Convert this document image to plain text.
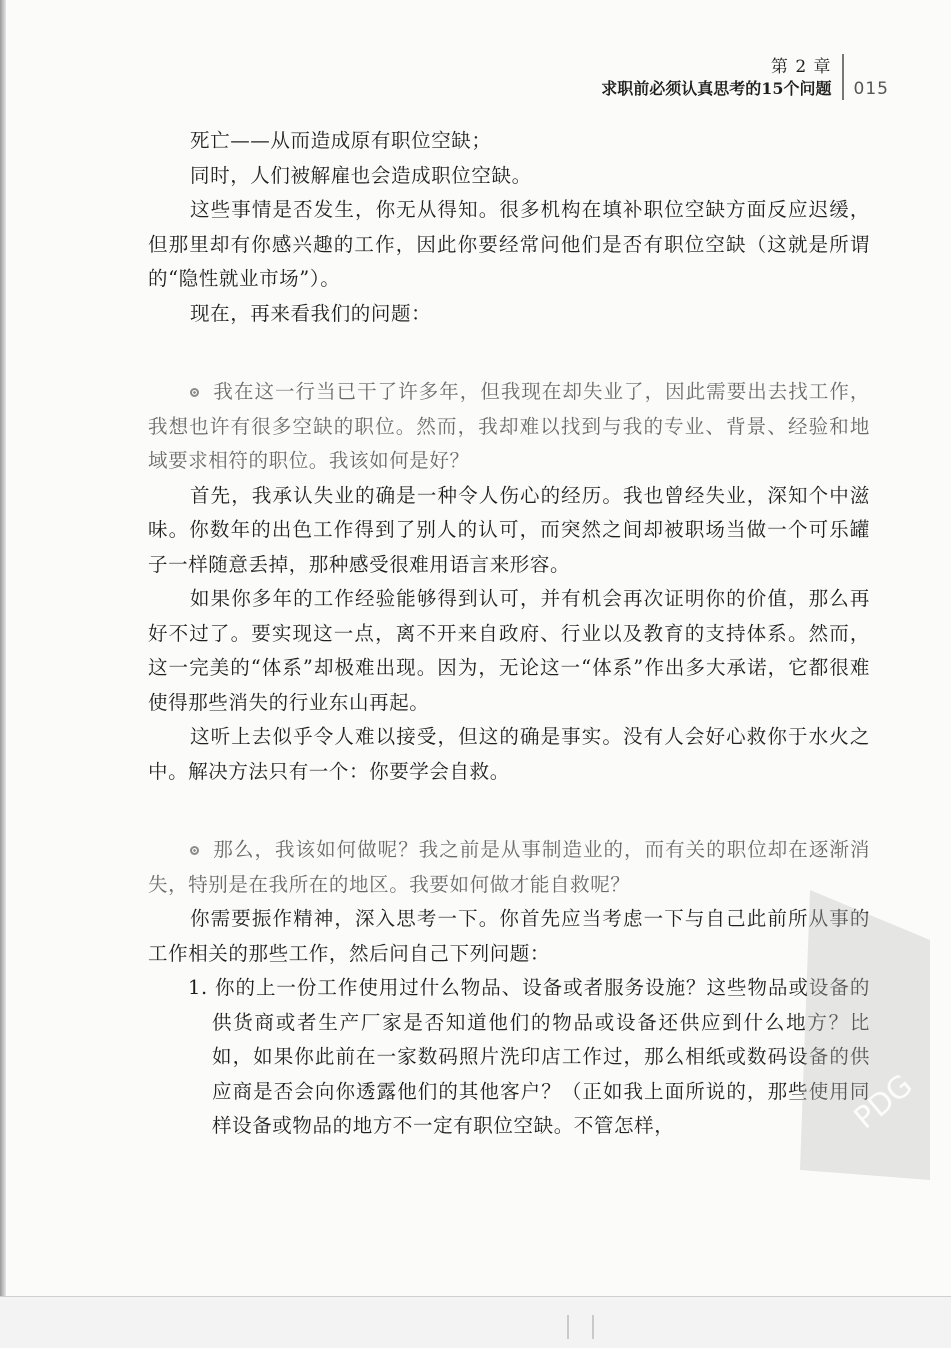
第 2 章
求职前必须认真思考的15个问题 015

死亡——从而造成原有职位空缺；

同时，人们被解雇也会造成职位空缺。

这些事情是否发生，你无从得知。很多机构在填补职位空缺方面反应迟缓，但那里却有你感兴趣的工作，因此你要经常问他们是否有职位空缺（这就是所谓的“隐性就业市场”）。

现在，再来看我们的问题：

我在这一行当已干了许多年，但我现在却失业了，因此需要出去找工作，我想也许有很多空缺的职位。然而，我却难以找到与我的专业、背景、经验和地域要求相符的职位。我该如何是好？

首先，我承认失业的确是一种令人伤心的经历。我也曾经失业，深知个中滋味。你数年的出色工作得到了别人的认可，而突然之间却被职场当做一个可乐罐子一样随意丢掉，那种感受很难用语言来形容。

如果你多年的工作经验能够得到认可，并有机会再次证明你的价值，那么再好不过了。要实现这一点，离不开来自政府、行业以及教育的支持体系。然而，这一完美的“体系”却极难出现。因为，无论这一“体系”作出多大承诺，它都很难使得那些消失的行业东山再起。

这听上去似乎令人难以接受，但这的确是事实。没有人会好心救你于水火之中。解决方法只有一个：你要学会自救。

那么，我该如何做呢？我之前是从事制造业的，而有关的职位却在逐渐消失，特别是在我所在的地区。我要如何做才能自救呢？

你需要振作精神，深入思考一下。你首先应当考虑一下与自己此前所从事的工作相关的那些工作，然后问自己下列问题：

1. 你的上一份工作使用过什么物品、设备或者服务设施？这些物品或设备的供货商或者生产厂家是否知道他们的物品或设备还供应到什么地方？比如，如果你此前在一家数码照片洗印店工作过，那么相纸或数码设备的供应商是否会向你透露他们的其他客户？（正如我上面所说的，那些使用同样设备或物品的地方不一定有职位空缺。不管怎样，	PDG
